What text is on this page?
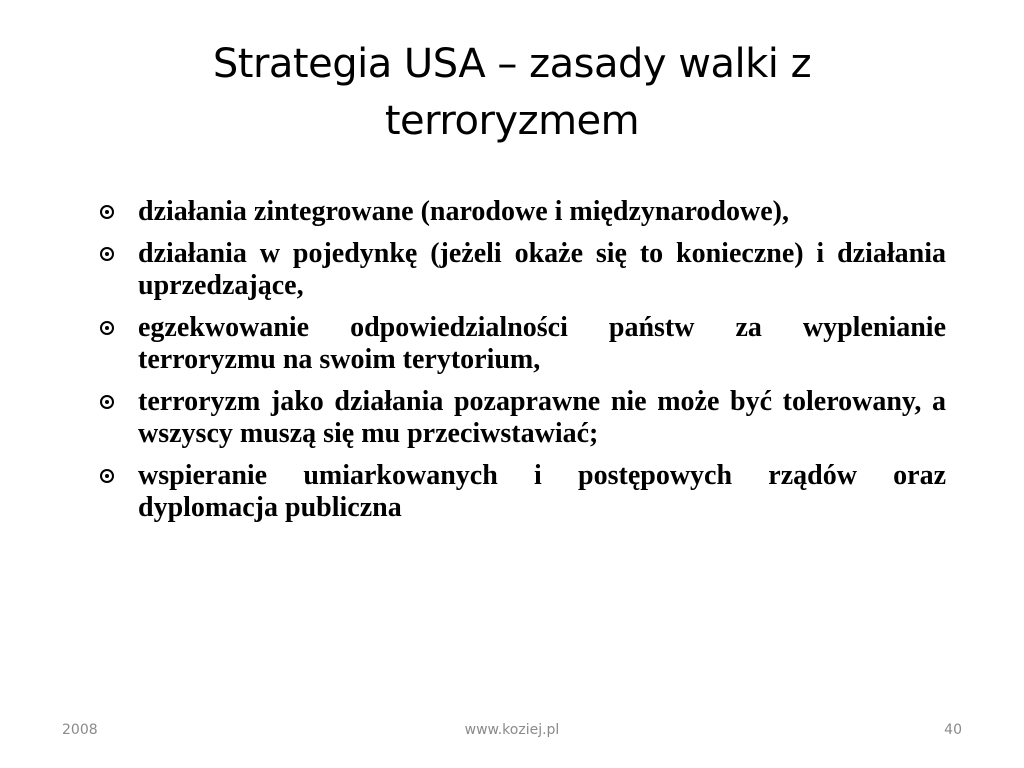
Strategia USA – zasady walki z terroryzmem
działania zintegrowane (narodowe i międzynarodowe),
działania w pojedynkę (jeżeli okaże się to konieczne) i działania uprzedzające,
egzekwowanie odpowiedzialności państw za wyplenianie terroryzmu na swoim terytorium,
terroryzm jako działania pozaprawne nie może być tolerowany, a wszyscy muszą się mu przeciwstawiać;
wspieranie umiarkowanych i postępowych rządów oraz dyplomacja publiczna
2008	www.koziej.pl	40
